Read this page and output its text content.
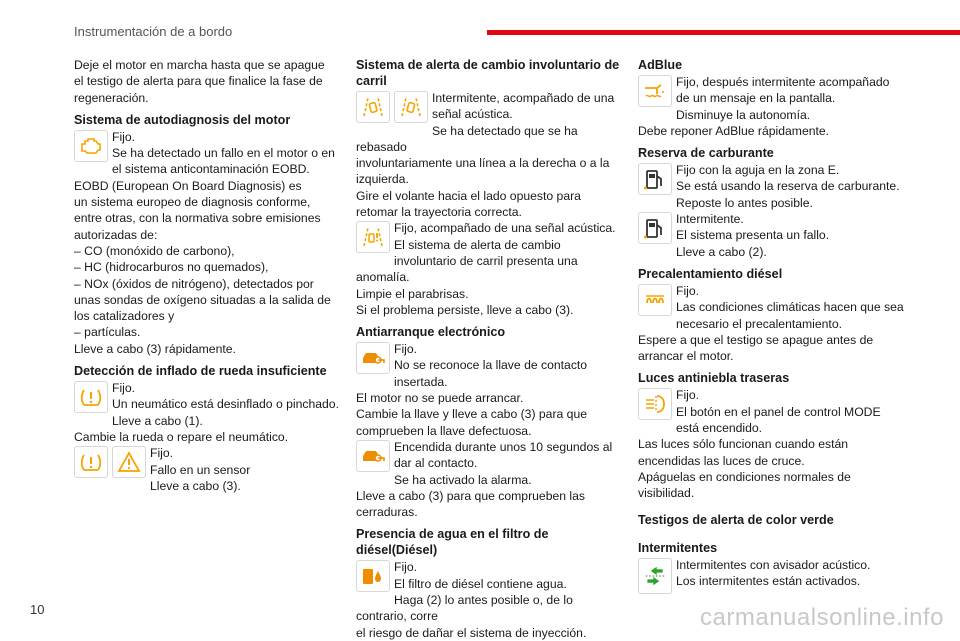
Instrumentación de a bordo

Deje el motor en marcha hasta que se apague
el testigo de alerta para que finalice la fase de
regeneración.

Sistema de autodiagnosis del motor
Fijo.
Se ha detectado un fallo en el motor o en
el sistema anticontaminación EOBD.
EOBD (European On Board Diagnosis) es
un sistema europeo de diagnosis conforme,
entre otras, con la normativa sobre emisiones
autorizadas de:
– CO (monóxido de carbono),
– HC (hidrocarburos no quemados),
– NOx (óxidos de nitrógeno), detectados por
unas sondas de oxígeno situadas a la salida de
los catalizadores y
– partículas.
Lleve a cabo (3) rápidamente.
Detección de inflado de rueda insuficiente
Fijo.
Un neumático está desinflado o pinchado.
Lleve a cabo (1).
Cambie la rueda o repare el neumático.
Fijo.
Fallo en un sensor
Lleve a cabo (3).
Sistema de alerta de cambio involuntario de carril
Intermitente, acompañado de una
señal acústica.
Se ha detectado que se ha rebasado
involuntariamente una línea a la derecha o a la
izquierda.
Gire el volante hacia el lado opuesto para
retomar la trayectoria correcta.
Fijo, acompañado de una señal acústica.
El sistema de alerta de cambio
involuntario de carril presenta una anomalía.
Limpie el parabrisas.
Si el problema persiste, lleve a cabo (3).
Antiarranque electrónico
Fijo.
No se reconoce la llave de contacto
insertada.
El motor no se puede arrancar.
Cambie la llave y lleve a cabo (3) para que
comprueben la llave defectuosa.
Encendida durante unos 10 segundos al
dar al contacto.
Se ha activado la alarma.
Lleve a cabo (3) para que comprueben las
cerraduras.
Presencia de agua en el filtro de diésel(Diésel)
Fijo.
El filtro de diésel contiene agua.
Haga (2) lo antes posible o, de lo contrario, corre
el riesgo de dañar el sistema de inyección.
AdBlue
Fijo, después intermitente acompañado
de un mensaje en la pantalla.
Disminuye la autonomía.
Debe reponer AdBlue rápidamente.
Reserva de carburante
Fijo con la aguja en la zona E.
Se está usando la reserva de carburante.
Reposte lo antes posible.
Intermitente.
El sistema presenta un fallo.
Lleve a cabo (2).
Precalentamiento diésel
Fijo.
Las condiciones climáticas hacen que sea
necesario el precalentamiento.
Espere a que el testigo se apague antes de
arrancar el motor.
Luces antiniebla traseras
Fijo.
El botón en el panel de control MODE
está encendido.
Las luces sólo funcionan cuando están
encendidas las luces de cruce.
Apáguelas en condiciones normales de
visibilidad.
Testigos de alerta de color verde
Intermitentes
Intermitentes con avisador acústico.
Los intermitentes están activados.
10	carmanualsonline.info
